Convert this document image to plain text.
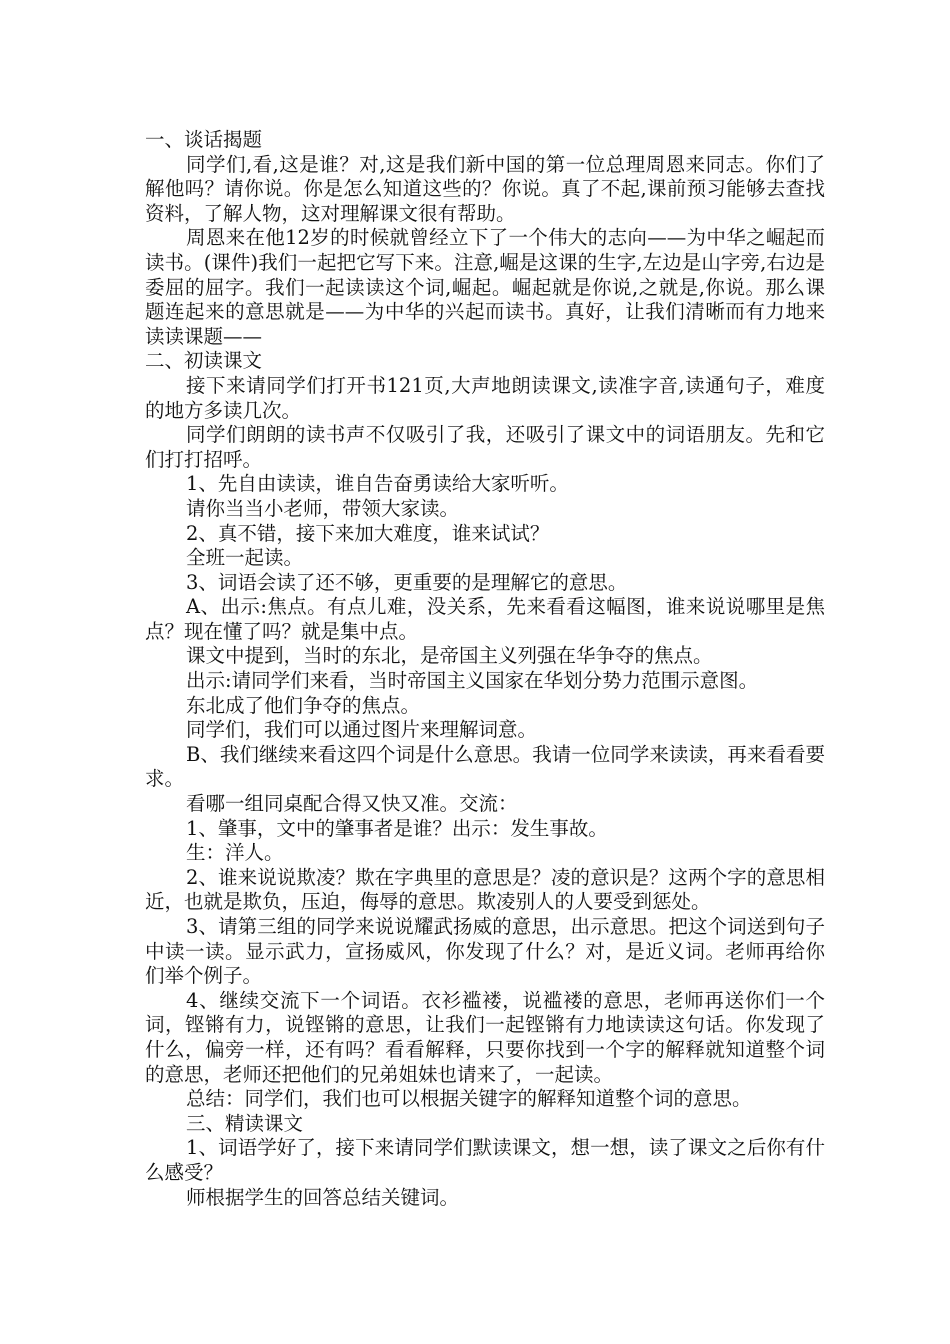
一、谈话揭题

同学们,看,这是谁？对,这是我们新中国的第一位总理周恩来同志。你们了解他吗？请你说。你是怎么知道这些的？你说。真了不起,课前预习能够去查找资料，了解人物，这对理解课文很有帮助。

周恩来在他12岁的时候就曾经立下了一个伟大的志向——为中华之崛起而读书。(课件)我们一起把它写下来。注意,崛是这课的生字,左边是山字旁,右边是委屈的屈字。我们一起读读这个词,崛起。崛起就是你说,之就是,你说。那么课题连起来的意思就是——为中华的兴起而读书。真好，让我们清晰而有力地来读读课题——

二、初读课文

接下来请同学们打开书121页,大声地朗读课文,读准字音,读通句子，难度的地方多读几次。

同学们朗朗的读书声不仅吸引了我，还吸引了课文中的词语朋友。先和它们打打招呼。

1、先自由读读，谁自告奋勇读给大家听听。

请你当当小老师，带领大家读。

2、真不错，接下来加大难度，谁来试试？

全班一起读。

3、词语会读了还不够，更重要的是理解它的意思。

A、出示:焦点。有点儿难，没关系，先来看看这幅图，谁来说说哪里是焦点？现在懂了吗？就是集中点。

课文中提到，当时的东北，是帝国主义列强在华争夺的焦点。

出示:请同学们来看，当时帝国主义国家在华划分势力范围示意图。

东北成了他们争夺的焦点。

同学们，我们可以通过图片来理解词意。

B、我们继续来看这四个词是什么意思。我请一位同学来读读，再来看看要求。

看哪一组同桌配合得又快又准。交流：

1、肇事，文中的肇事者是谁？出示：发生事故。

生：洋人。

2、谁来说说欺凌？欺在字典里的意思是？凌的意识是？这两个字的意思相近，也就是欺负，压迫，侮辱的意思。欺凌别人的人要受到惩处。

3、请第三组的同学来说说耀武扬威的意思，出示意思。把这个词送到句子中读一读。显示武力，宣扬威风，你发现了什么？对，是近义词。老师再给你们举个例子。

4、继续交流下一个词语。衣衫褴褛，说褴褛的意思，老师再送你们一个词，铿锵有力，说铿锵的意思，让我们一起铿锵有力地读读这句话。你发现了什么，偏旁一样，还有吗？看看解释，只要你找到一个字的解释就知道整个词的意思，老师还把他们的兄弟姐妹也请来了，一起读。

总结：同学们，我们也可以根据关键字的解释知道整个词的意思。

三、精读课文

1、词语学好了，接下来请同学们默读课文，想一想，读了课文之后你有什么感受？

师根据学生的回答总结关键词。
